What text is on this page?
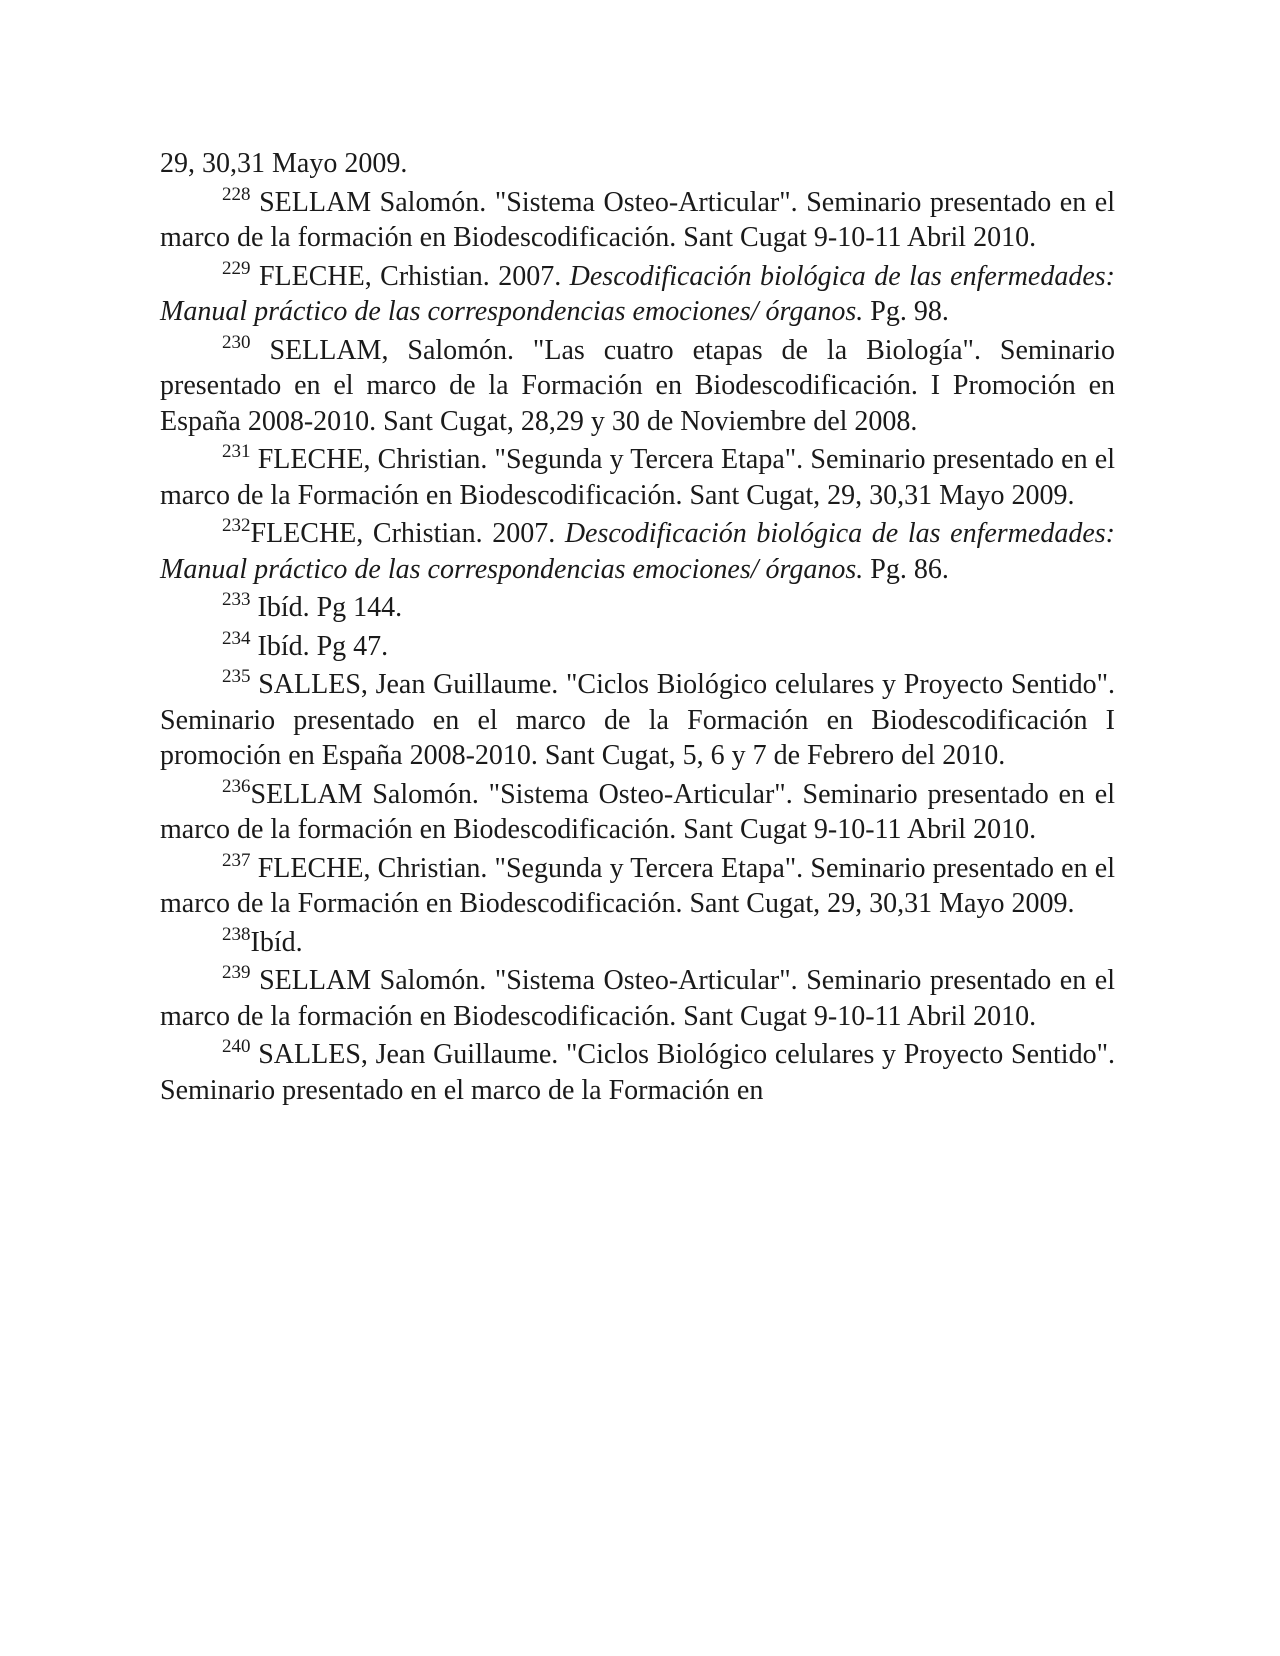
29, 30,31 Mayo 2009.

$^{228}$ SELLAM Salomón. "Sistema Osteo-Articular". Seminario presentado en el marco de la formación en Biodescodificación. Sant Cugat 9-10-11 Abril 2010.

$^{229}$ FLECHE, Crhistian. 2007. Descodificación biológica de las enfermedades: Manual práctico de las correspondencias emociones/ órganos. Pg. 98.

$^{230}$ SELLAM, Salomón. "Las cuatro etapas de la Biología". Seminario presentado en el marco de la Formación en Biodescodificación. I Promoción en España 2008-2010. Sant Cugat, 28,29 y 30 de Noviembre del 2008.

$^{231}$ FLECHE, Christian. "Segunda y Tercera Etapa". Seminario presentado en el marco de la Formación en Biodescodificación. Sant Cugat, 29, 30,31 Mayo 2009.

$^{232}$FLECHE, Crhistian. 2007. Descodificación biológica de las enfermedades: Manual práctico de las correspondencias emociones/ órganos. Pg. 86.

$^{233}$ Ibíd. Pg 144.

$^{234}$ Ibíd. Pg 47.

$^{235}$ SALLES, Jean Guillaume. "Ciclos Biológico celulares y Proyecto Sentido". Seminario presentado en el marco de la Formación en Biodescodificación I promoción en España 2008-2010. Sant Cugat, 5, 6 y 7 de Febrero del 2010.

$^{236}$SELLAM Salomón. "Sistema Osteo-Articular". Seminario presentado en el marco de la formación en Biodescodificación. Sant Cugat 9-10-11 Abril 2010.

$^{237}$ FLECHE, Christian. "Segunda y Tercera Etapa". Seminario presentado en el marco de la Formación en Biodescodificación. Sant Cugat, 29, 30,31 Mayo 2009.

$^{238}$Ibíd.

$^{239}$ SELLAM Salomón. "Sistema Osteo-Articular". Seminario presentado en el marco de la formación en Biodescodificación. Sant Cugat 9-10-11 Abril 2010.

$^{240}$ SALLES, Jean Guillaume. "Ciclos Biológico celulares y Proyecto Sentido". Seminario presentado en el marco de la Formación en
